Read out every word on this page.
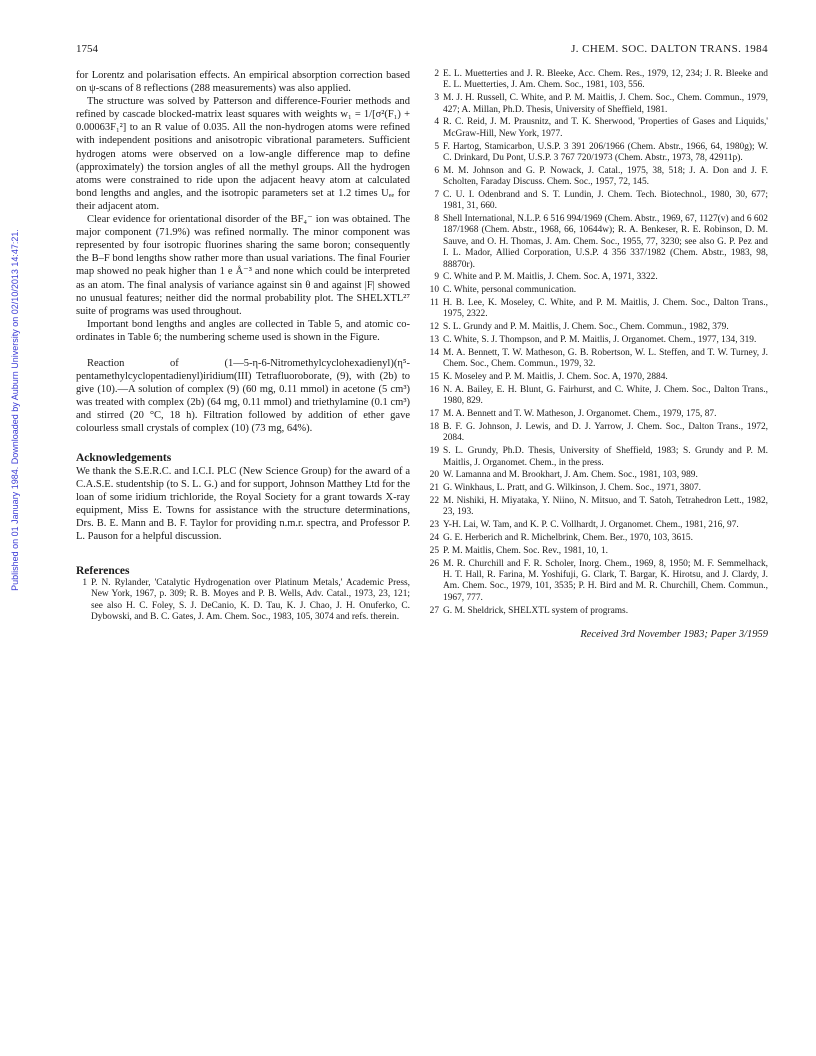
1754	J. CHEM. SOC. DALTON TRANS. 1984
Published on 01 January 1984. Downloaded by Auburn University on 02/10/2013 14:47:21.

for Lorentz and polarisation effects. An empirical absorption correction based on ψ-scans of 8 reflections (288 measurements) was also applied.

The structure was solved by Patterson and difference-Fourier methods and refined by cascade blocked-matrix least squares with weights w₁ = 1/[σ²(F₁) + 0.00063F₁²] to an R value of 0.035. All the non-hydrogen atoms were refined with independent positions and anisotropic vibrational parameters. Sufficient hydrogen atoms were observed on a low-angle difference map to define (approximately) the torsion angles of all the methyl groups. All the hydrogen atoms were constrained to ride upon the adjacent heavy atom at calculated bond lengths and angles, and the isotropic parameters set at 1.2 times Uₑₑ for their adjacent atom.

Clear evidence for orientational disorder of the BF₄⁻ ion was obtained. The major component (71.9%) was refined normally. The minor component was represented by four isotropic fluorines sharing the same boron; consequently the B–F bond lengths show rather more than usual variations. The final Fourier map showed no peak higher than 1 e Å⁻³ and none which could be interpreted as an atom. The final analysis of variance against sin θ and against |F| showed no unusual features; neither did the normal probability plot. The SHELXTL²⁷ suite of programs was used throughout.

Important bond lengths and angles are collected in Table 5, and atomic co-ordinates in Table 6; the numbering scheme used is shown in the Figure.

Reaction of (1—5-η-6-Nitromethylcyclohexadienyl)(η⁵-pentamethylcyclopentadienyl)iridium(III) Tetrafluoroborate, (9), with (2b) to give (10).—A solution of complex (9) (60 mg, 0.11 mmol) in acetone (5 cm³) was treated with complex (2b) (64 mg, 0.11 mmol) and triethylamine (0.1 cm³) and stirred (20 °C, 18 h). Filtration followed by addition of ether gave colourless small crystals of complex (10) (73 mg, 64%).

Acknowledgements

We thank the S.E.R.C. and I.C.I. PLC (New Science Group) for the award of a C.A.S.E. studentship (to S. L. G.) and for support, Johnson Matthey Ltd for the loan of some iridium trichloride, the Royal Society for a grant towards X-ray equipment, Miss E. Towns for assistance with the structure determinations, Drs. B. E. Mann and B. F. Taylor for providing n.m.r. spectra, and Professor P. L. Pauson for a helpful discussion.

References
1 P. N. Rylander, 'Catalytic Hydrogenation over Platinum Metals,' Academic Press, New York, 1967, p. 309; R. B. Moyes and P. B. Wells, Adv. Catal., 1973, 23, 121; see also H. C. Foley, S. J. DeCanio, K. D. Tau, K. J. Chao, J. H. Onuferko, C. Dybowski, and B. C. Gates, J. Am. Chem. Soc., 1983, 105, 3074 and refs. therein.
2 E. L. Muetterties and J. R. Bleeke, Acc. Chem. Res., 1979, 12, 234; J. R. Bleeke and E. L. Muetterties, J. Am. Chem. Soc., 1981, 103, 556.
3 M. J. H. Russell, C. White, and P. M. Maitlis, J. Chem. Soc., Chem. Commun., 1979, 427; A. Millan, Ph.D. Thesis, University of Sheffield, 1981.
4 R. C. Reid, J. M. Prausnitz, and T. K. Sherwood, 'Properties of Gases and Liquids,' McGraw-Hill, New York, 1977.
5 F. Hartog, Stamicarbon, U.S.P. 3 391 206/1966 (Chem. Abstr., 1966, 64, 1980g); W. C. Drinkard, Du Pont, U.S.P. 3 767 720/1973 (Chem. Abstr., 1973, 78, 42911p).
6 M. M. Johnson and G. P. Nowack, J. Catal., 1975, 38, 518; J. A. Don and J. F. Scholten, Faraday Discuss. Chem. Soc., 1957, 72, 145.
7 C. U. I. Odenbrand and S. T. Lundin, J. Chem. Tech. Biotechnol., 1980, 30, 677; 1981, 31, 660.
8 Shell International, N.L.P. 6 516 994/1969 (Chem. Abstr., 1969, 67, 1127(v) and 6 602 187/1968 (Chem. Abstr., 1968, 66, 10644w); R. A. Benkeser, R. E. Robinson, D. M. Sauve, and O. H. Thomas, J. Am. Chem. Soc., 1955, 77, 3230; see also G. P. Pez and I. L. Mador, Allied Corporation, U.S.P. 4 356 337/1982 (Chem. Abstr., 1983, 98, 88870r).
9 C. White and P. M. Maitlis, J. Chem. Soc. A, 1971, 3322.
10 C. White, personal communication.
11 H. B. Lee, K. Moseley, C. White, and P. M. Maitlis, J. Chem. Soc., Dalton Trans., 1975, 2322.
12 S. L. Grundy and P. M. Maitlis, J. Chem. Soc., Chem. Commun., 1982, 379.
13 C. White, S. J. Thompson, and P. M. Maitlis, J. Organomet. Chem., 1977, 134, 319.
14 M. A. Bennett, T. W. Matheson, G. B. Robertson, W. L. Steffen, and T. W. Turney, J. Chem. Soc., Chem. Commun., 1979, 32.
15 K. Moseley and P. M. Maitlis, J. Chem. Soc. A, 1970, 2884.
16 N. A. Bailey, E. H. Blunt, G. Fairhurst, and C. White, J. Chem. Soc., Dalton Trans., 1980, 829.
17 M. A. Bennett and T. W. Matheson, J. Organomet. Chem., 1979, 175, 87.
18 B. F. G. Johnson, J. Lewis, and D. J. Yarrow, J. Chem. Soc., Dalton Trans., 1972, 2084.
19 S. L. Grundy, Ph.D. Thesis, University of Sheffield, 1983; S. Grundy and P. M. Maitlis, J. Organomet. Chem., in the press.
20 W. Lamanna and M. Brookhart, J. Am. Chem. Soc., 1981, 103, 989.
21 G. Winkhaus, L. Pratt, and G. Wilkinson, J. Chem. Soc., 1971, 3807.
22 M. Nishiki, H. Miyataka, Y. Niino, N. Mitsuo, and T. Satoh, Tetrahedron Lett., 1982, 23, 193.
23 Y-H. Lai, W. Tam, and K. P. C. Vollhardt, J. Organomet. Chem., 1981, 216, 97.
24 G. E. Herberich and R. Michelbrink, Chem. Ber., 1970, 103, 3615.
25 P. M. Maitlis, Chem. Soc. Rev., 1981, 10, 1.
26 M. R. Churchill and F. R. Scholer, Inorg. Chem., 1969, 8, 1950; M. F. Semmelhack, H. T. Hall, R. Farina, M. Yoshifuji, G. Clark, T. Bargar, K. Hirotsu, and J. Clardy, J. Am. Chem. Soc., 1979, 101, 3535; P. H. Bird and M. R. Churchill, Chem. Commun., 1967, 777.
27 G. M. Sheldrick, SHELXTL system of programs.
Received 3rd November 1983; Paper 3/1959
